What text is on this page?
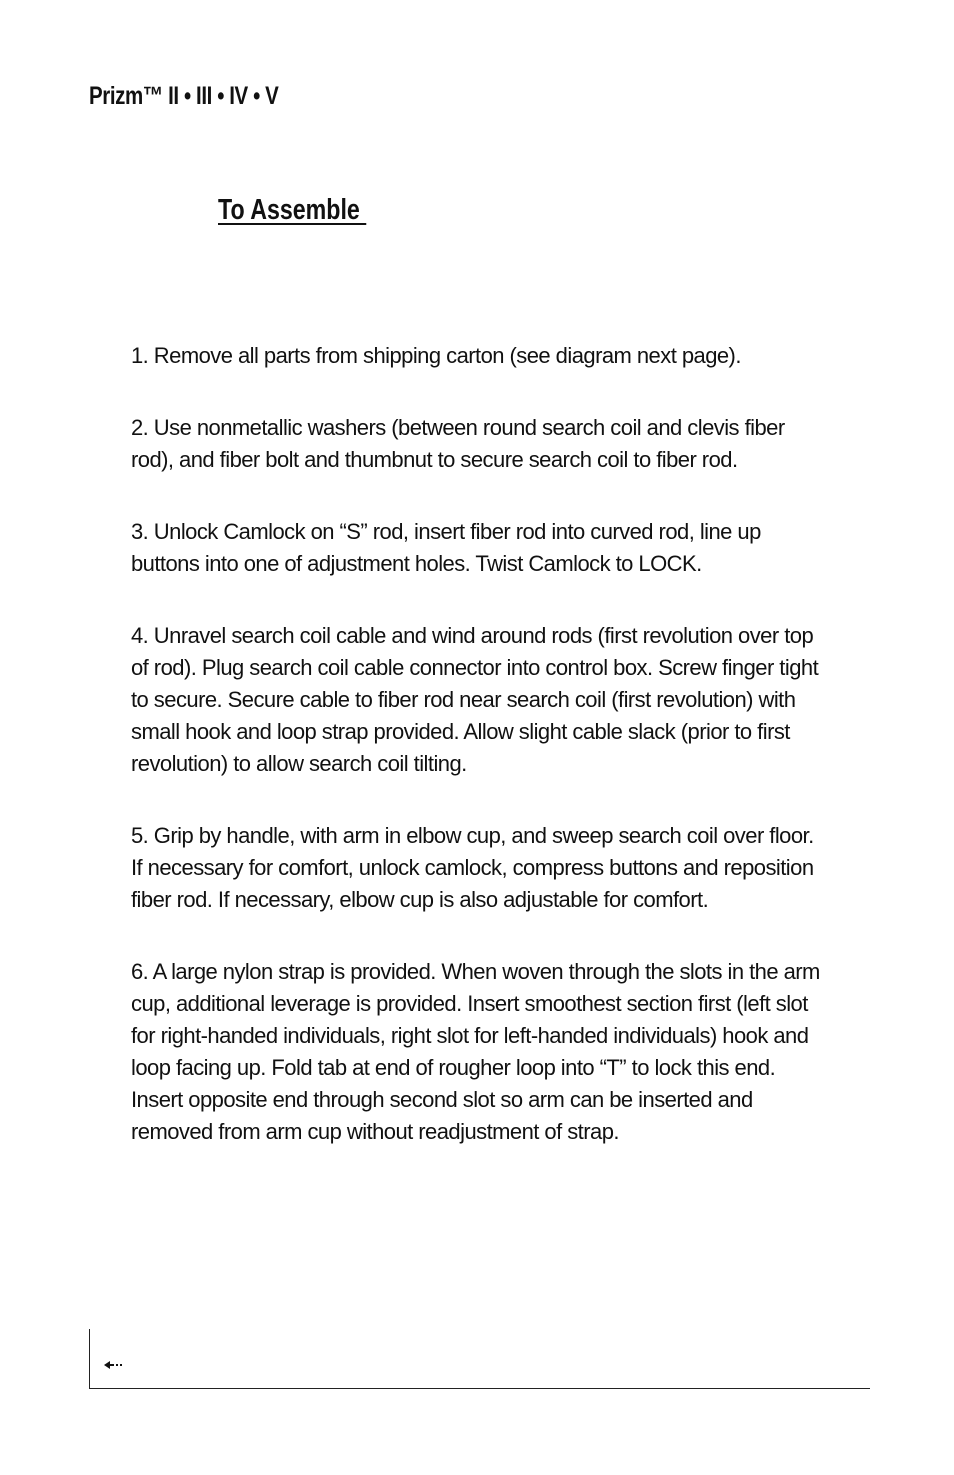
Prizm™ II • III • IV • V
To Assemble
1. Remove all parts from shipping carton (see diagram next page).
2. Use nonmetallic washers (between round search coil and clevis fiber rod), and fiber bolt and thumbnut to secure search coil to fiber rod.
3. Unlock Camlock on “S” rod, insert fiber rod into curved rod, line up buttons into one of adjustment holes. Twist Camlock to LOCK.
4. Unravel search coil cable and wind around rods (first revolution over top of rod). Plug search coil cable connector into control box. Screw finger tight to secure. Secure cable to fiber rod near search coil (first revolution) with small hook and loop strap provided. Allow slight cable slack (prior to first revolution) to allow search coil tilting.
5. Grip by handle, with arm in elbow cup, and sweep search coil over floor. If necessary for comfort, unlock camlock, compress buttons and reposition fiber rod. If necessary, elbow cup is also adjustable for comfort.
6. A large nylon strap is provided. When woven through the slots in the arm cup, additional leverage is provided. Insert smoothest section first (left slot for right-handed individuals, right slot for left-handed individuals) hook and loop facing up. Fold tab at end of rougher loop into “T” to lock this end. Insert opposite end through second slot so arm can be inserted and removed from arm cup without readjustment of strap.
